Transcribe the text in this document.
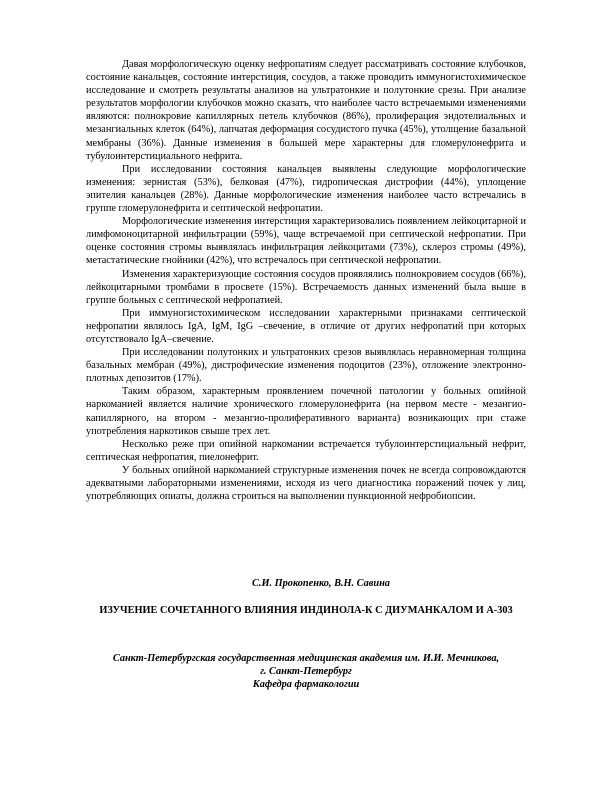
Давая морфологическую оценку нефропатиям следует рассматривать состояние клубочков, состояние канальцев, состояние интерстиция, сосудов, а также проводить иммуногистохимическое исследование и смотреть результаты анализов на ультратонкие и полутонкие срезы. При анализе результатов морфологии клубочков можно сказать, что наиболее часто встречаемыми изменениями являются: полнокровие капиллярных петель клубочков (86%), пролиферация эндотелиальных и мезангиальных клеток (64%), лапчатая деформация сосудистого пучка (45%), утолщение базальной мембраны (36%). Данные изменения в большей мере характерны для гломерулонефрита и тубулоинтерстициального нефрита.

При исследовании состояния канальцев выявлены следующие морфологические изменения: зернистая (53%), белковая (47%), гидропическая дистрофии (44%), уплощение эпителия канальцев (28%). Данные морфологические изменения наиболее часто встречались в группе гломерулонефрита и септической нефропатии.

Морфологические изменения интерстиция характеризовались появлением лейкоцитарной и лимфомоноцитарной инфильтрации (59%), чаще встречаемой при септической нефропатии. При оценке состояния стромы выявлялась инфильтрация лейкоцитами (73%), склероз стромы (49%), метастатические гнойники (42%), что встречалось при септической нефропатии.

Изменения характеризующие состояния сосудов проявлялись полнокровием сосудов (66%), лейкоцитарными тромбами в просвете (15%). Встречаемость данных изменений была выше в группе больных с септической нефропатией.

При иммуногистохимическом исследовании характерными признаками септической нефропатии являлось IgA, IgM, IgG –свечение, в отличие от других нефропатий при которых отсутствовало IgA–свечение.

При исследовании полутонких и ультратонких срезов выявлялась неравномерная толщина базальных мембран (49%), дистрофические изменения подоцитов (23%), отложение электронно-плотных депозитов (17%).

Таким образом, характерным проявлением почечной патологии у больных опийной наркоманией является наличие хронического гломерулонефрита (на первом месте - мезангио-капиллярного, на втором - мезангио-пролиферативного варианта) возникающих при стаже употребления наркотиков свыше трех лет.

Несколько реже при опийной наркомании встречается тубулоинтерстициальный нефрит, септическая нефропатия, пиелонефрит.

У больных опийной наркоманией структурные изменения почек не всегда сопровождаются адекватными лабораторными изменениями, исходя из чего диагностика поражений почек у лиц, употребляющих опиаты, должна строиться на выполнении пункционной нефробиопсии.

С.И. Прокопенко, В.Н. Савина

ИЗУЧЕНИЕ СОЧЕТАННОГО ВЛИЯНИЯ ИНДИНОЛА-К С ДИУМАНКАЛОМ И А-303

Санкт-Петербургская государственная медицинская академия им. И.И. Мечникова,
г. Санкт-Петербург
Кафедра фармакологии
